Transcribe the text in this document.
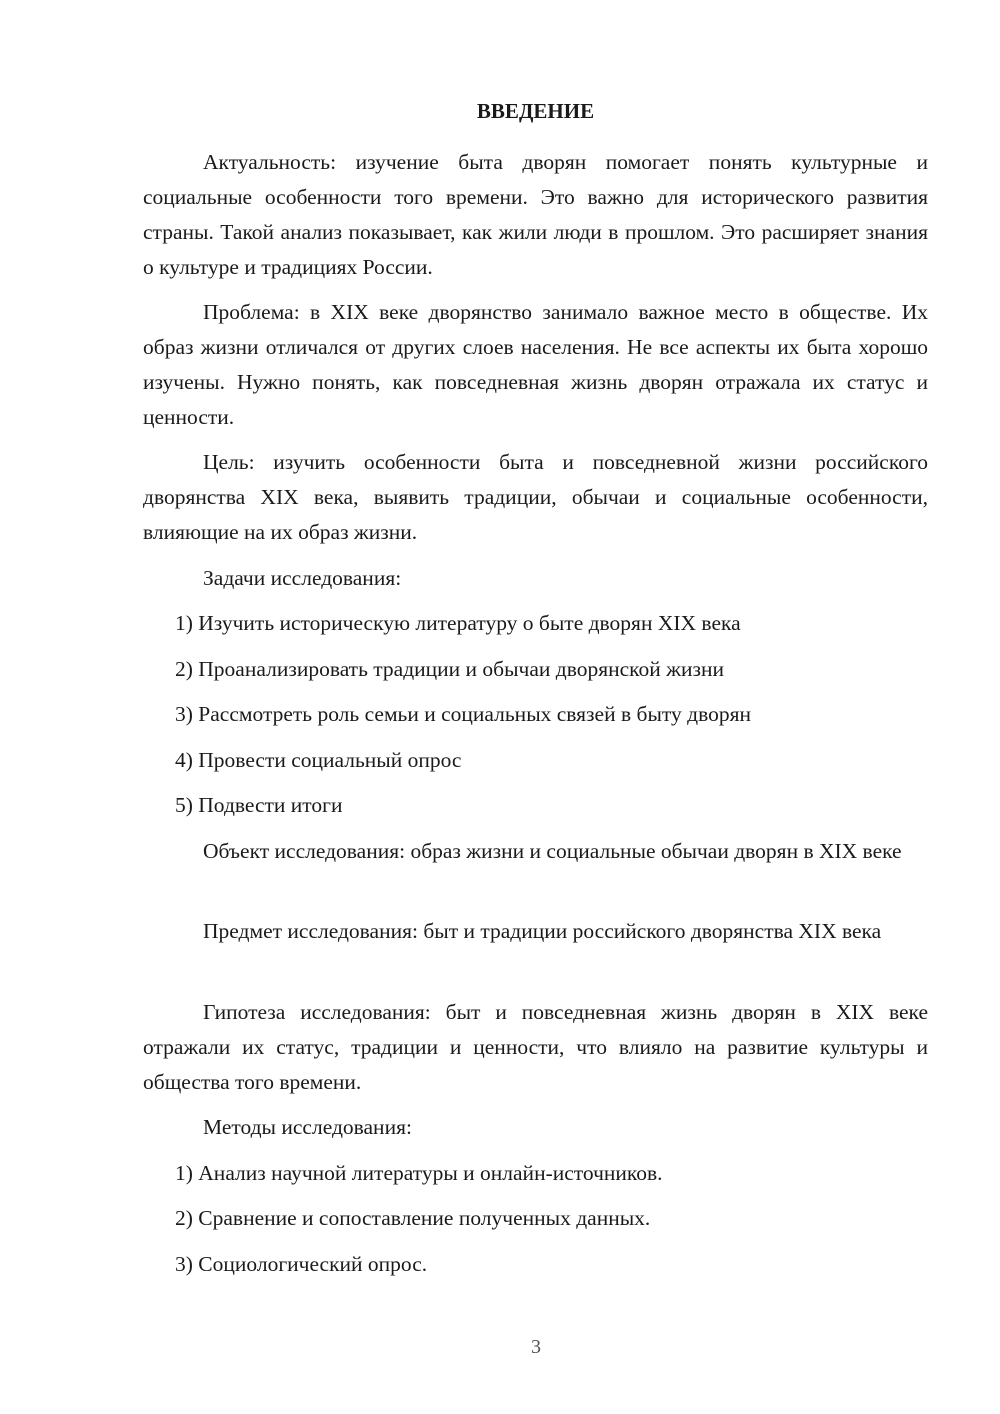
ВВЕДЕНИЕ

Актуальность: изучение быта дворян помогает понять культурные и социальные особенности того времени. Это важно для исторического развития страны. Такой анализ показывает, как жили люди в прошлом. Это расширяет знания о культуре и традициях России.

Проблема: в XIX веке дворянство занимало важное место в обществе. Их образ жизни отличался от других слоев населения. Не все аспекты их быта хорошо изучены. Нужно понять, как повседневная жизнь дворян отражала их статус и ценности.

Цель: изучить особенности быта и повседневной жизни российского дворянства XIX века, выявить традиции, обычаи и социальные особенности, влияющие на их образ жизни.

Задачи исследования:

1) Изучить историческую литературу о быте дворян XIX века

2) Проанализировать традиции и обычаи дворянской жизни

3) Рассмотреть роль семьи и социальных связей в быту дворян

4) Провести социальный опрос

5) Подвести итоги

Объект исследования: образ жизни и социальные обычаи дворян в XIX веке

Предмет исследования: быт и традиции российского дворянства XIX века

Гипотеза исследования: быт и повседневная жизнь дворян в XIX веке отражали их статус, традиции и ценности, что влияло на развитие культуры и общества того времени.

Методы исследования:

1) Анализ научной литературы и онлайн-источников.

2) Сравнение и сопоставление полученных данных.

3) Социологический опрос.

3
